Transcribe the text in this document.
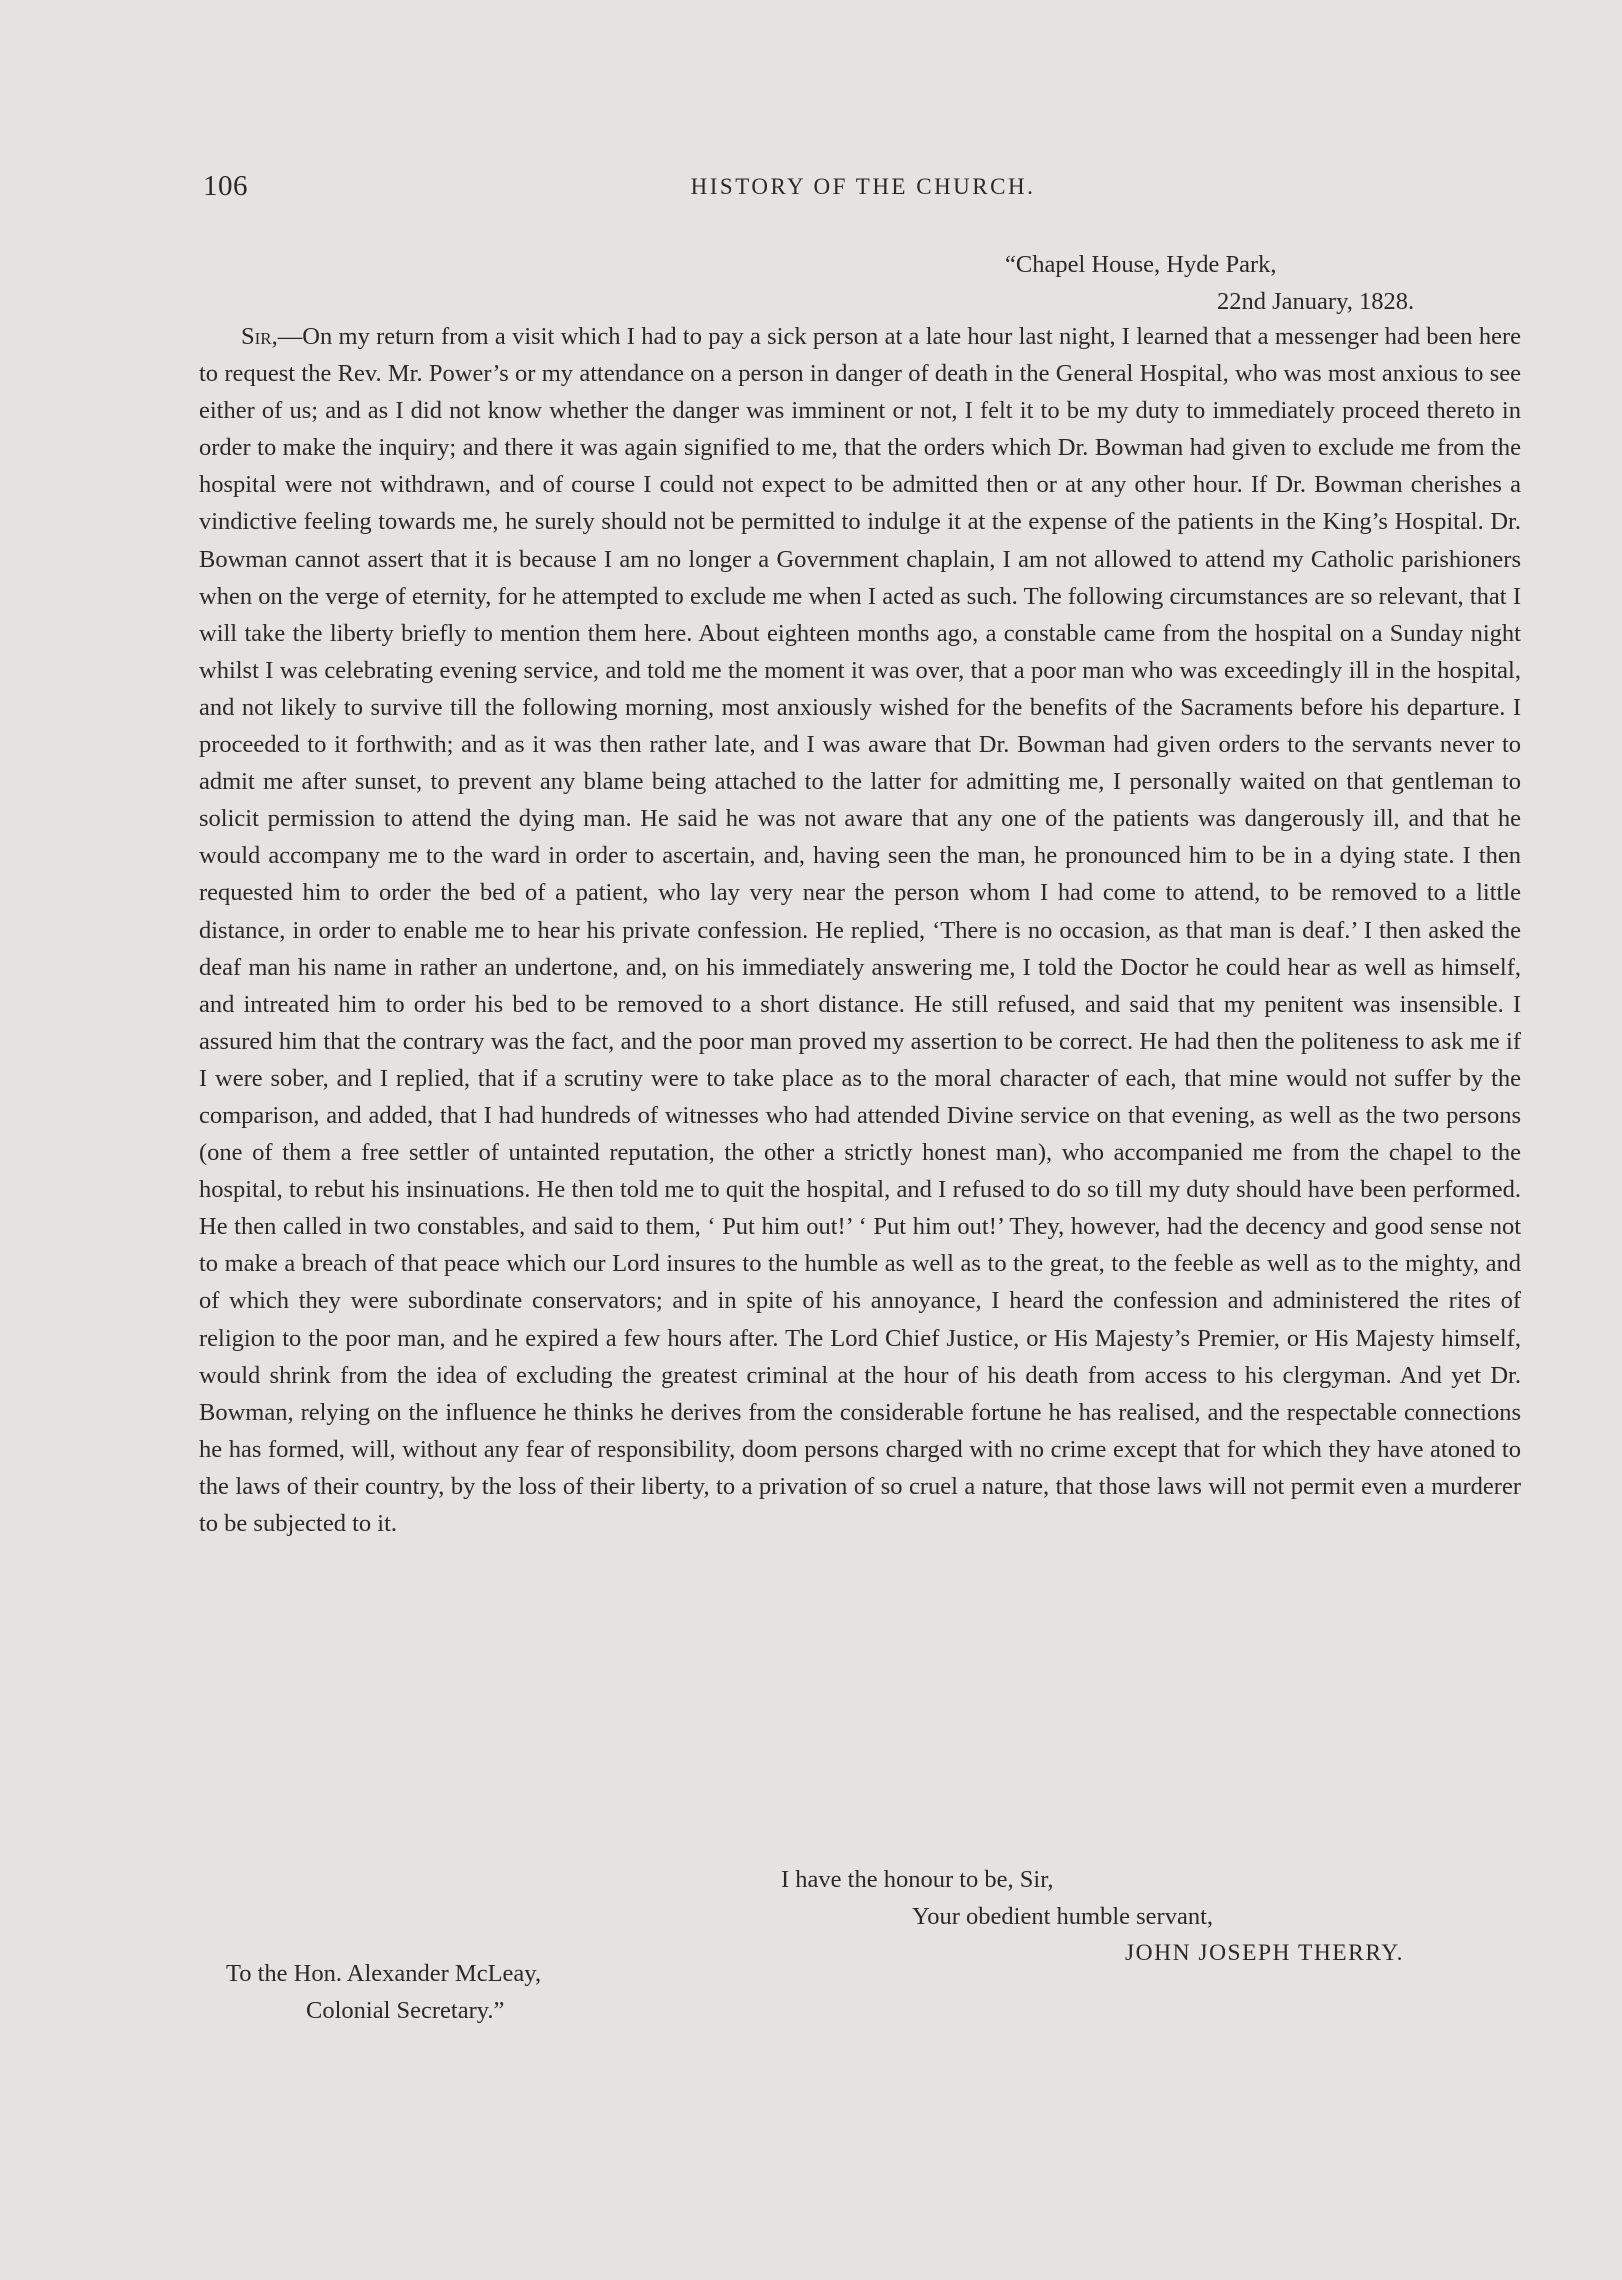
106	HISTORY OF THE CHURCH.
“Chapel House, Hyde Park,
22nd January, 1828.

Sir,—On my return from a visit which I had to pay a sick person at a late hour last night, I learned that a messenger had been here to request the Rev. Mr. Power’s or my attendance on a person in danger of death in the General Hospital, who was most anxious to see either of us; and as I did not know whether the danger was imminent or not, I felt it to be my duty to immediately proceed thereto in order to make the inquiry; and there it was again signified to me, that the orders which Dr. Bowman had given to exclude me from the hospital were not withdrawn, and of course I could not expect to be admitted then or at any other hour. If Dr. Bowman cherishes a vindictive feeling towards me, he surely should not be permitted to indulge it at the expense of the patients in the King’s Hospital. Dr. Bowman cannot assert that it is because I am no longer a Government chaplain, I am not allowed to attend my Catholic parishioners when on the verge of eternity, for he attempted to exclude me when I acted as such. The following circumstances are so relevant, that I will take the liberty briefly to mention them here. About eighteen months ago, a constable came from the hospital on a Sunday night whilst I was celebrating evening service, and told me the moment it was over, that a poor man who was exceedingly ill in the hospital, and not likely to survive till the following morning, most anxiously wished for the benefits of the Sacraments before his departure. I proceeded to it forthwith; and as it was then rather late, and I was aware that Dr. Bowman had given orders to the servants never to admit me after sunset, to prevent any blame being attached to the latter for admitting me, I personally waited on that gentleman to solicit permission to attend the dying man. He said he was not aware that any one of the patients was dangerously ill, and that he would accompany me to the ward in order to ascertain, and, having seen the man, he pronounced him to be in a dying state. I then requested him to order the bed of a patient, who lay very near the person whom I had come to attend, to be removed to a little distance, in order to enable me to hear his private confession. He replied, ‘There is no occasion, as that man is deaf.’ I then asked the deaf man his name in rather an undertone, and, on his immediately answering me, I told the Doctor he could hear as well as himself, and intreated him to order his bed to be removed to a short distance. He still refused, and said that my penitent was insensible. I assured him that the contrary was the fact, and the poor man proved my assertion to be correct. He had then the politeness to ask me if I were sober, and I replied, that if a scrutiny were to take place as to the moral character of each, that mine would not suffer by the comparison, and added, that I had hundreds of witnesses who had attended Divine service on that evening, as well as the two persons (one of them a free settler of untainted reputation, the other a strictly honest man), who accompanied me from the chapel to the hospital, to rebut his insinuations. He then told me to quit the hospital, and I refused to do so till my duty should have been performed. He then called in two constables, and said to them, ‘ Put him out!’ ‘ Put him out!’ They, however, had the decency and good sense not to make a breach of that peace which our Lord insures to the humble as well as to the great, to the feeble as well as to the mighty, and of which they were subordinate conservators; and in spite of his annoyance, I heard the confession and administered the rites of religion to the poor man, and he expired a few hours after. The Lord Chief Justice, or His Majesty’s Premier, or His Majesty himself, would shrink from the idea of excluding the greatest criminal at the hour of his death from access to his clergyman. And yet Dr. Bowman, relying on the influence he thinks he derives from the considerable fortune he has realised, and the respectable connections he has formed, will, without any fear of responsibility, doom persons charged with no crime except that for which they have atoned to the laws of their country, by the loss of their liberty, to a privation of so cruel a nature, that those laws will not permit even a murderer to be subjected to it.

I have the honour to be, Sir,
Your obedient humble servant,
JOHN JOSEPH THERRY.
To the Hon. Alexander McLeay,
Colonial Secretary.”
